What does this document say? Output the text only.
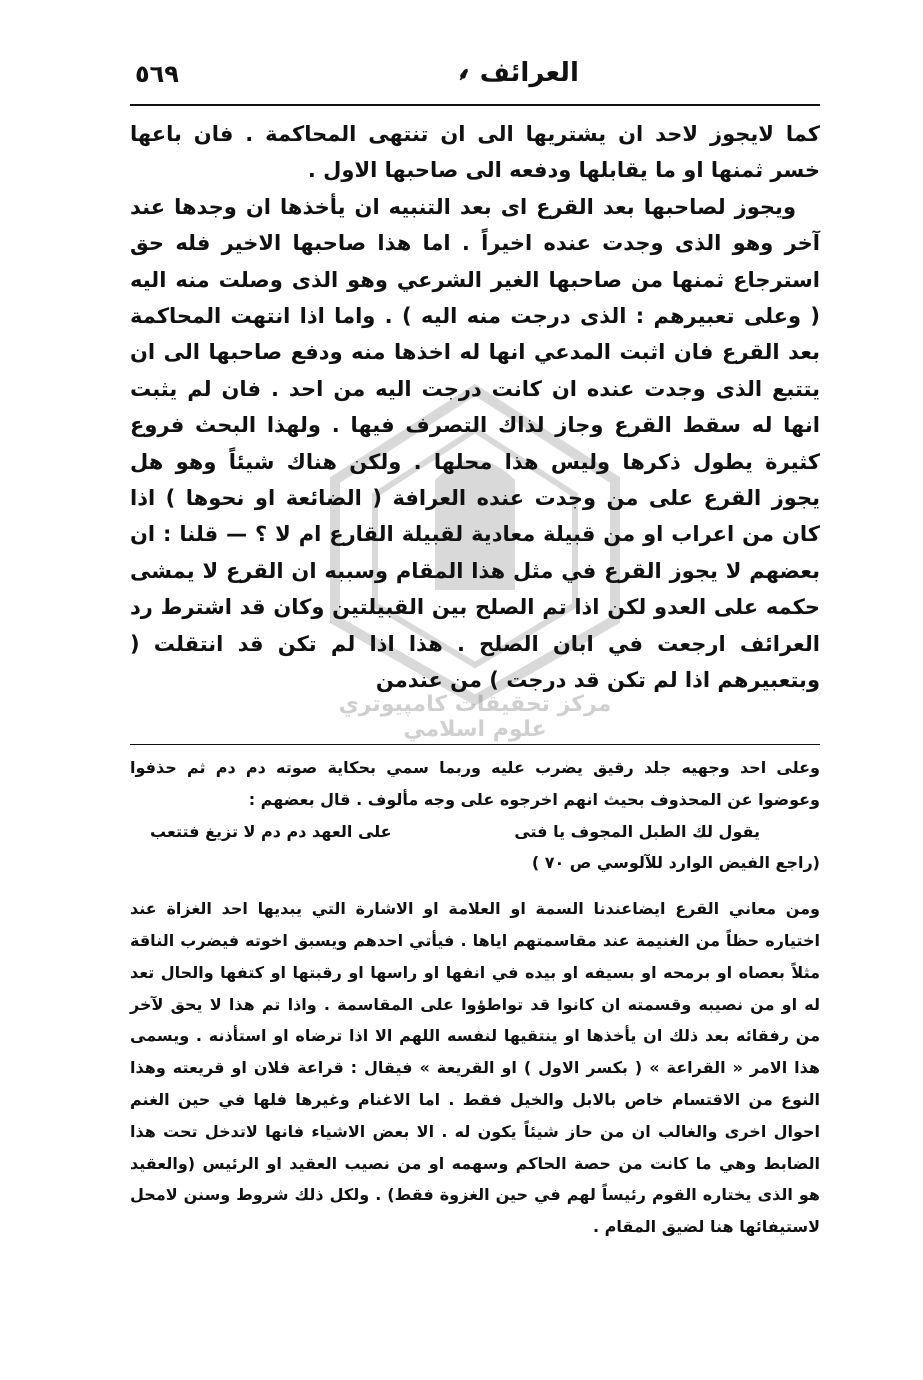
٥٦٩	العرائف ⸙
مركز تحقيقات كامپيوتري علوم اسلامي

كما لايجوز لاحد ان يشتريها الى ان تنتهى المحاكمة . فان باعها خسر ثمنها او ما يقابلها ودفعه الى صاحبها الاول .

ويجوز لصاحبها بعد القرع اى بعد التنبيه ان يأخذها ان وجدها عند آخر وهو الذى وجدت عنده اخيراً . اما هذا صاحبها الاخير فله حق استرجاع ثمنها من صاحبها الغير الشرعي وهو الذى وصلت منه اليه ( وعلى تعبيرهم : الذى درجت منه اليه ) . واما اذا انتهت المحاكمة بعد القرع فان اثبت المدعي انها له اخذها منه ودفع صاحبها الى ان يتتبع الذى وجدت عنده ان كانت درجت اليه من احد . فان لم يثبت انها له سقط القرع وجاز لذاك التصرف فيها . ولهذا البحث فروع كثيرة يطول ذكرها وليس هذا محلها . ولكن هناك شيئاً وهو هل يجوز القرع على من وجدت عنده العرافة ( الضائعة او نحوها ) اذا كان من اعراب او من قبيلة معادية لقبيلة القارع ام لا ؟ — قلنا : ان بعضهم لا يجوز القرع في مثل هذا المقام وسببه ان القرع لا يمشى حكمه على العدو لكن اذا تم الصلح بين القبيلتين وكان قد اشترط رد العرائف ارجعت في ابان الصلح . هذا اذا لم تكن قد انتقلت ( وبتعبيرهم اذا لم تكن قد درجت ) من عندمن

وعلى احد وجهيه جلد رقيق يضرب عليه وربما سمي بحكاية صوته دم دم ثم حذفوا وعوضوا عن المحذوف بحيث انهم اخرجوه على وجه مألوف . قال بعضهم :

يقول لك الطبل المجوف يا فتى
على العهد دم دم لا تزيغ فتتعب

(راجع الفيض الوارد للآلوسي ص ٧٠ )

ومن معاني القرع ايضاعندنا السمة او العلامة او الاشارة التي يبديها احد الغزاة عند اختياره حظاً من الغنيمة عند مقاسمتهم اياها . فيأتي احدهم ويسبق اخوته فيضرب الناقة مثلاً بعصاه او برمحه او بسيفه او بيده في انفها او راسها او رقبتها او كتفها والحال تعد له او من نصيبه وقسمته ان كانوا قد تواطؤوا على المقاسمة . واذا تم هذا لا يحق لآخر من رفقائه بعد ذلك ان يأخذها او ينتقيها لنفسه اللهم الا اذا ترضاه او استأذنه . ويسمى هذا الامر « القراعة » ( بكسر الاول ) او القريعة » فيقال : قراعة فلان او قريعته وهذا النوع من الاقتسام خاص بالابل والخيل فقط . اما الاغنام وغيرها فلها في حين الغنم احوال اخرى والغالب ان من حاز شيئاً يكون له . الا بعض الاشياء فانها لاتدخل تحت هذا الضابط وهي ما كانت من حصة الحاكم وسهمه او من نصيب العقيد او الرئيس (والعقيد هو الذى يختاره القوم رئيساً لهم في حين الغزوة فقط) . ولكل ذلك شروط وسنن لامحل لاستيفائها هنا لضيق المقام .
